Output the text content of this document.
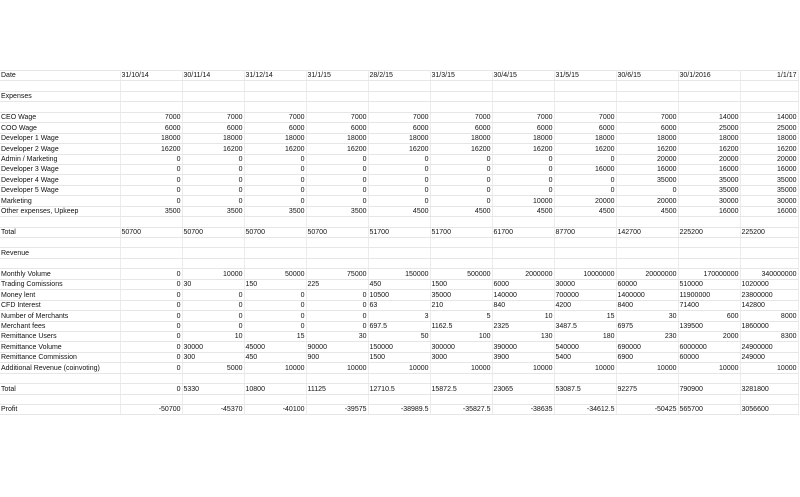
Date	31/10/14	30/11/14	31/12/14	31/1/15	28/2/15	31/3/15	30/4/15	31/5/15	30/6/15	30/1/2016	1/1/17

Expenses	

CEO Wage	7000	7000	7000	7000	7000	7000	7000	7000	7000	14000	14000

COO Wage	6000	6000	6000	6000	6000	6000	6000	6000	6000	25000	25000

Developer 1 Wage	18000	18000	18000	18000	18000	18000	18000	18000	18000	18000	18000

Developer 2 Wage	16200	16200	16200	16200	16200	16200	16200	16200	16200	16200	16200

Admin / Marketing	0	0	0	0	0	0	0	0	20000	20000	20000

Developer 3 Wage	0	0	0	0	0	0	0	16000	16000	16000	16000

Developer 4 Wage	0	0	0	0	0	0	0	0	35000	35000	35000

Developer 5 Wage	0	0	0	0	0	0	0	0	0	35000	35000

Marketing	0	0	0	0	0	0	10000	20000	20000	30000	30000

Other expenses, Upkeep	3500	3500	3500	3500	4500	4500	4500	4500	4500	16000	16000

Total	50700	50700	50700	50700	51700	51700	61700	87700	142700	225200	225200

Revenue	

Monthly Volume	0	10000	50000	75000	150000	500000	2000000	10000000	20000000	170000000	340000000

Trading Comissions	0	30	150	225	450	1500	6000	30000	60000	510000	1020000

Money lent	0	0	0	0	10500	35000	140000	700000	1400000	11900000	23800000

CFD Interest	0	0	0	0	63	210	840	4200	8400	71400	142800

Number of Merchants	0	0	0	0	3	5	10	15	30	600	8000

Merchant fees	0	0	0	0	697.5	1162.5	2325	3487.5	6975	139500	1860000

Remittance Users	0	10	15	30	50	100	130	180	230	2000	8300

Remittance Volume	0	30000	45000	90000	150000	300000	390000	540000	690000	6000000	24900000

Remittance Commission	0	300	450	900	1500	3000	3900	5400	6900	60000	249000

Additional Revenue (coinvoting)	0	5000	10000	10000	10000	10000	10000	10000	10000	10000	10000

Total	0	5330	10800	11125	12710.5	15872.5	23065	53087.5	92275	790900	3281800

Profit	-50700	-45370	-40100	-39575	-38989.5	-35827.5	-38635	-34612.5	-50425	565700	3056600
